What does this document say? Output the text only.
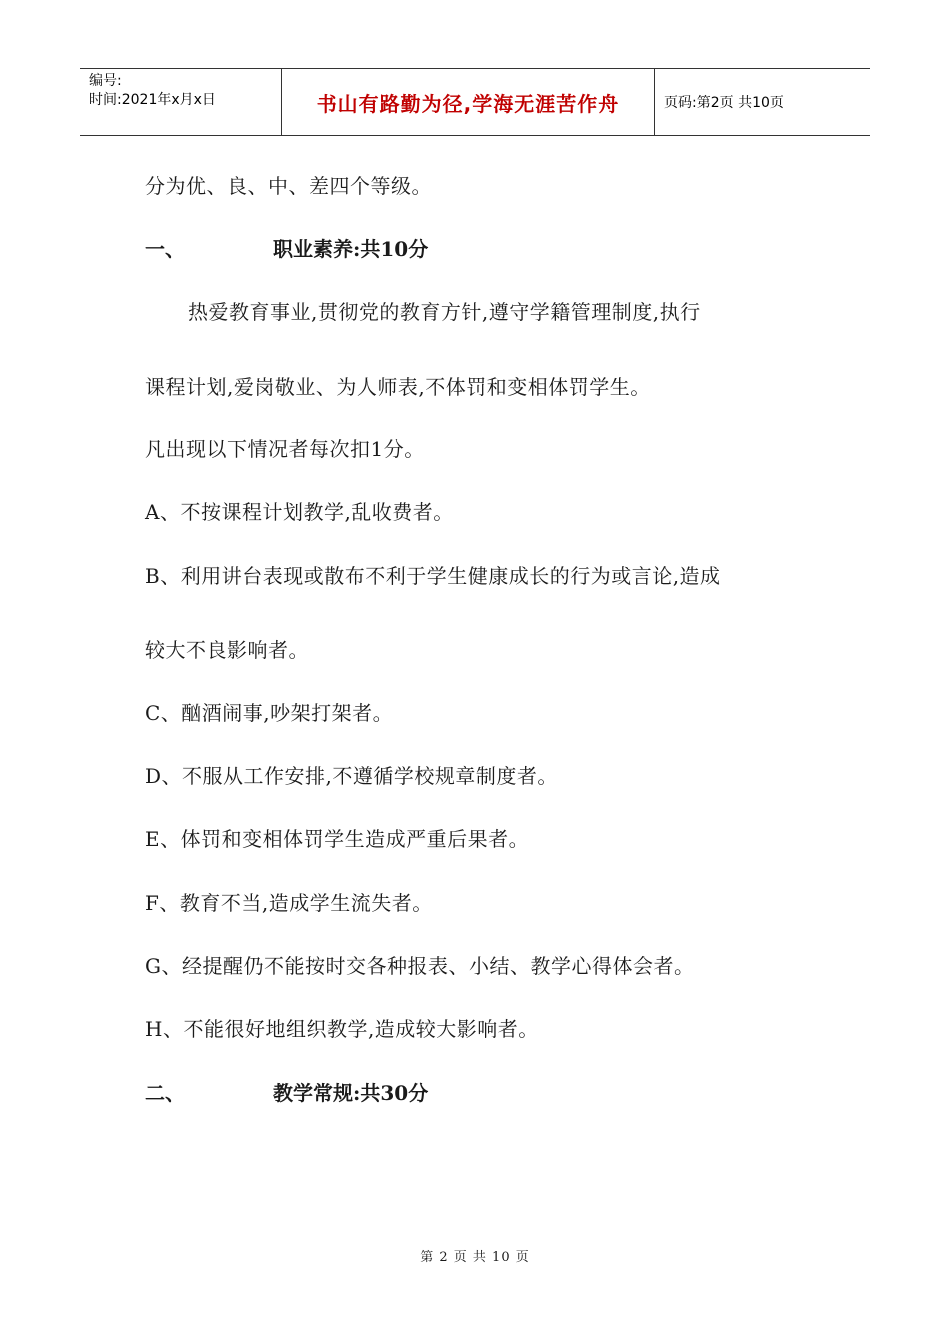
编号:
时间:2021年x月x日	书山有路勤为径,学海无涯苦作舟	页码:第2页 共10页
分为优、良、中、差四个等级。
一、	职业素养:共10分
热爱教育事业,贯彻党的教育方针,遵守学籍管理制度,执行
课程计划,爱岗敬业、为人师表,不体罚和变相体罚学生。
凡出现以下情况者每次扣1分。
A、不按课程计划教学,乱收费者。
B、利用讲台表现或散布不利于学生健康成长的行为或言论,造成
较大不良影响者。
C、酗酒闹事,吵架打架者。
D、不服从工作安排,不遵循学校规章制度者。
E、体罚和变相体罚学生造成严重后果者。
F、教育不当,造成学生流失者。
G、经提醒仍不能按时交各种报表、小结、教学心得体会者。
H、不能很好地组织教学,造成较大影响者。
二、	教学常规:共30分
第 2 页 共 10 页
